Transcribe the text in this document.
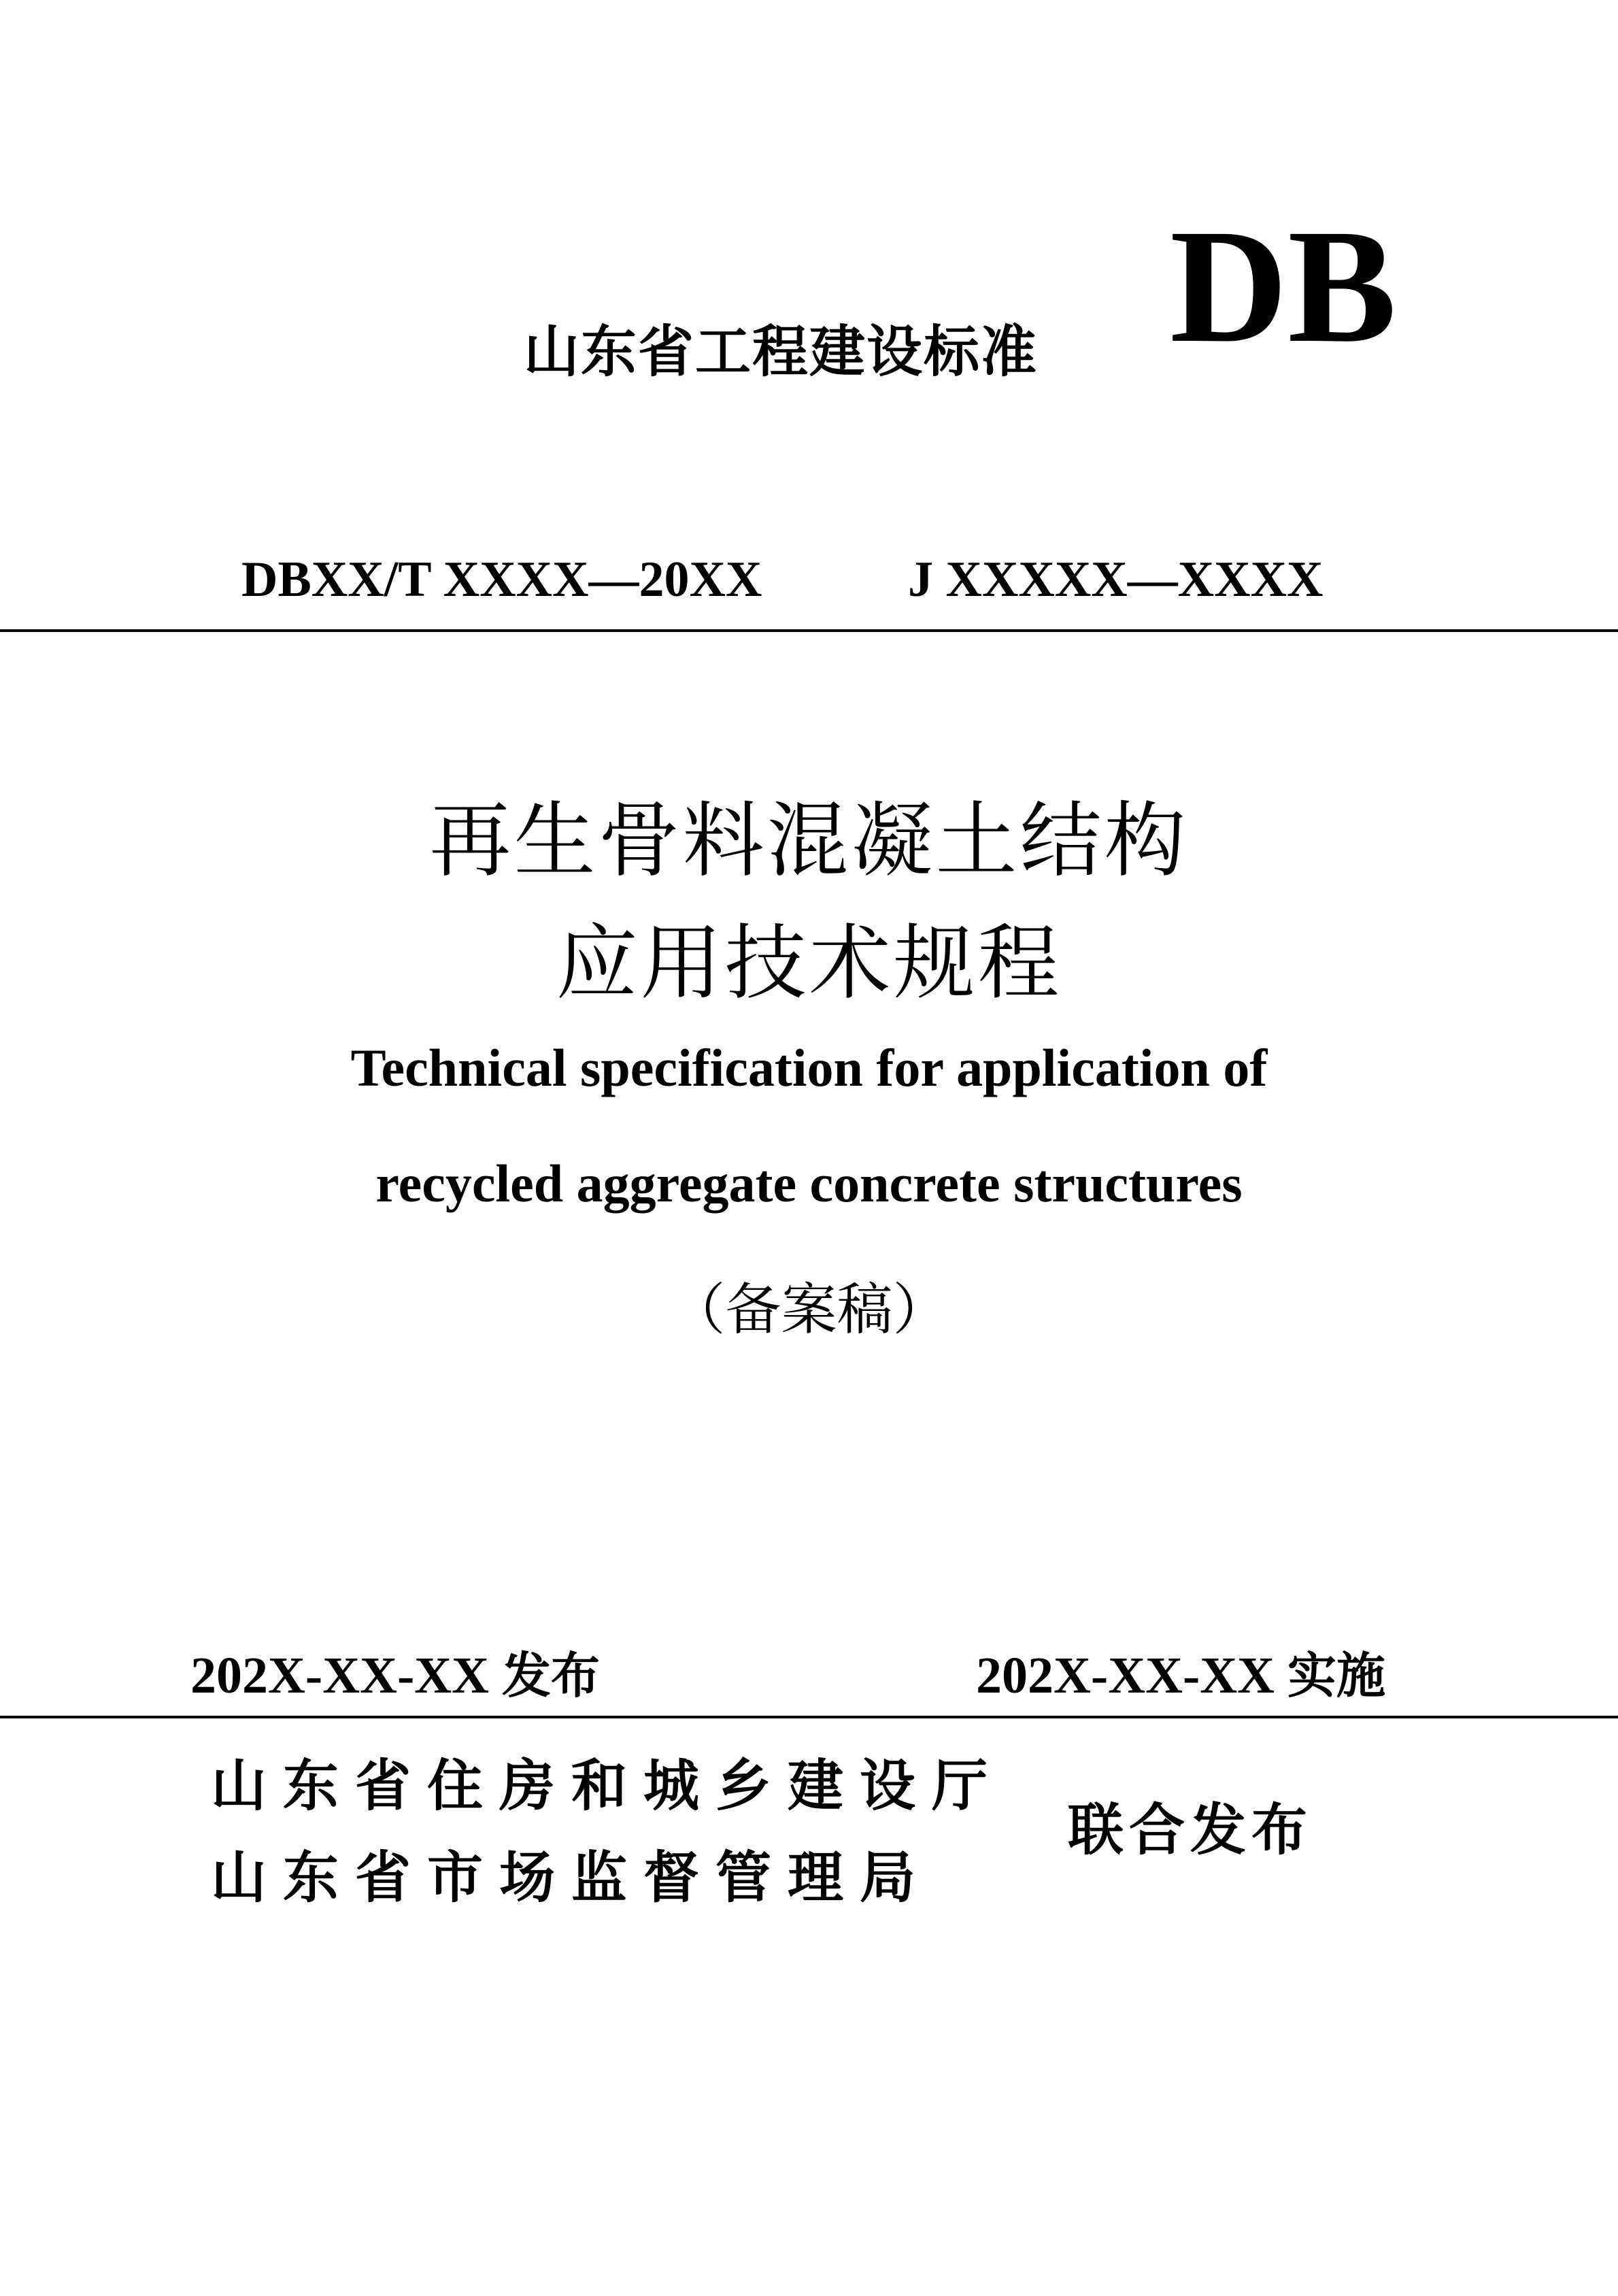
山东省工程建设标准 DB
DBXX/T XXXX—20XX	J XXXXX—XXXX
再生骨料混凝土结构
应用技术规程
Technical specification for application of
recycled aggregate concrete structures
（备案稿）
202X-XX-XX 发布	202X-XX-XX 实施
山东省住房和城乡建设厅
山东省市场监督管理局
联合发布
